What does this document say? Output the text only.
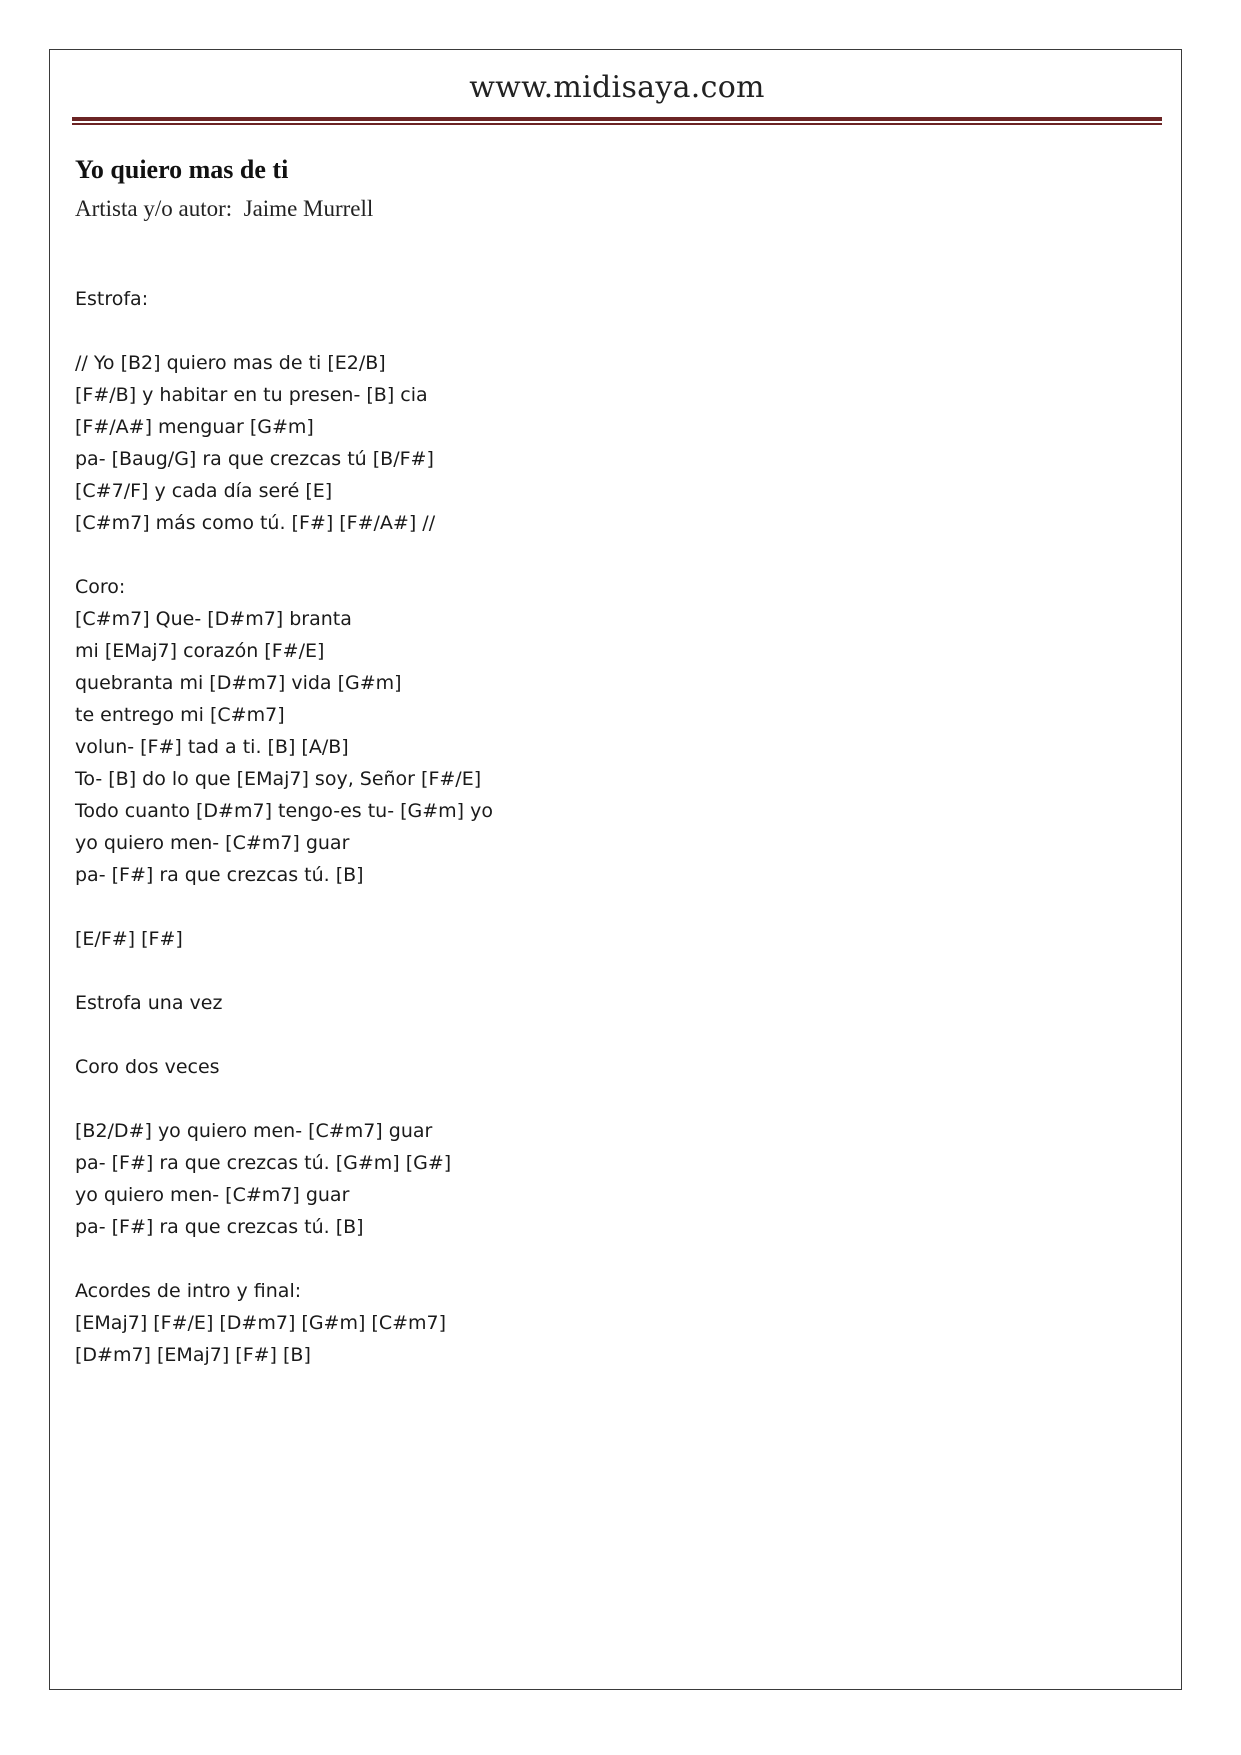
www.midisaya.com
Yo quiero mas de ti
Artista y/o autor:  Jaime Murrell
Estrofa:
// Yo [B2] quiero mas de ti [E2/B]
[F#/B] y habitar en tu presen- [B] cia
[F#/A#] menguar [G#m]
pa- [Baug/G] ra que crezcas tú [B/F#]
[C#7/F] y cada día seré [E]
[C#m7] más como tú. [F#] [F#/A#] //
Coro:
[C#m7] Que- [D#m7] branta
mi [EMaj7] corazón [F#/E]
quebranta mi [D#m7] vida [G#m]
te entrego mi [C#m7]
volun- [F#] tad a ti. [B] [A/B]
To- [B] do lo que [EMaj7] soy, Señor [F#/E]
Todo cuanto [D#m7] tengo-es tu- [G#m] yo
yo quiero men- [C#m7] guar
pa- [F#] ra que crezcas tú. [B]
[E/F#] [F#]
Estrofa una vez
Coro dos veces
[B2/D#] yo quiero men- [C#m7] guar
pa- [F#] ra que crezcas tú. [G#m] [G#]
yo quiero men- [C#m7] guar
pa- [F#] ra que crezcas tú. [B]
Acordes de intro y final:
[EMaj7] [F#/E] [D#m7] [G#m] [C#m7]
[D#m7] [EMaj7] [F#] [B]
